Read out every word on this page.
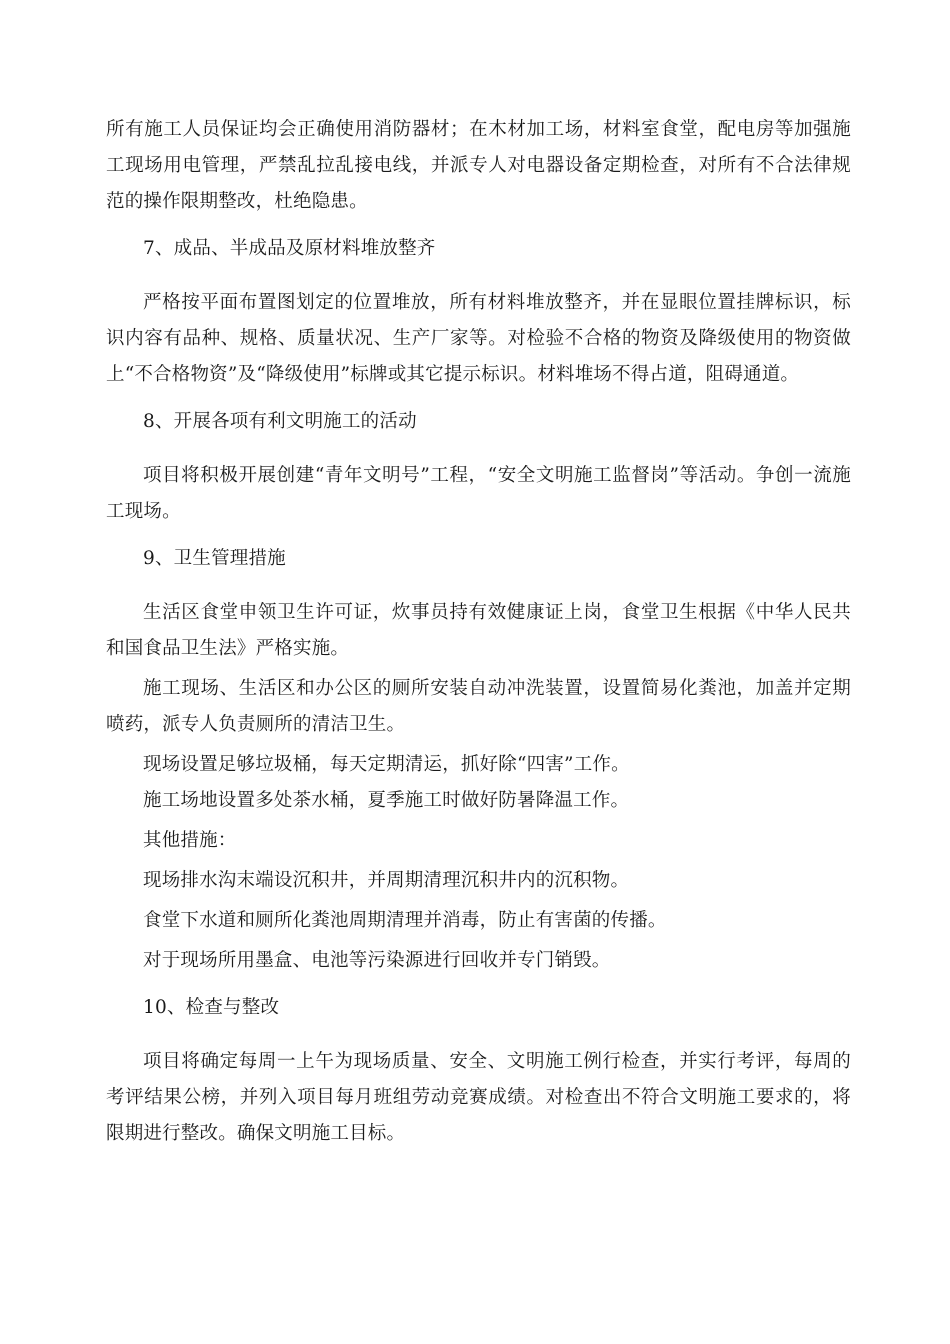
所有施工人员保证均会正确使用消防器材；在木材加工场，材料室食堂，配电房等加强施工现场用电管理，严禁乱拉乱接电线，并派专人对电器设备定期检查，对所有不合法律规范的操作限期整改，杜绝隐患。

7、成品、半成品及原材料堆放整齐

严格按平面布置图划定的位置堆放，所有材料堆放整齐，并在显眼位置挂牌标识，标识内容有品种、规格、质量状况、生产厂家等。对检验不合格的物资及降级使用的物资做上“不合格物资”及“降级使用”标牌或其它提示标识。材料堆场不得占道，阻碍通道。

8、开展各项有利文明施工的活动

项目将积极开展创建“青年文明号”工程，“安全文明施工监督岗”等活动。争创一流施工现场。

9、卫生管理措施

生活区食堂申领卫生许可证，炊事员持有效健康证上岗，食堂卫生根据《中华人民共和国食品卫生法》严格实施。

施工现场、生活区和办公区的厕所安装自动冲洗装置，设置简易化粪池，加盖并定期喷药，派专人负责厕所的清洁卫生。

现场设置足够垃圾桶，每天定期清运，抓好除“四害”工作。

施工场地设置多处茶水桶，夏季施工时做好防暑降温工作。

其他措施：

现场排水沟末端设沉积井，并周期清理沉积井内的沉积物。

食堂下水道和厕所化粪池周期清理并消毒，防止有害菌的传播。

对于现场所用墨盒、电池等污染源进行回收并专门销毁。

10、检查与整改

项目将确定每周一上午为现场质量、安全、文明施工例行检查，并实行考评，每周的考评结果公榜，并列入项目每月班组劳动竞赛成绩。对检查出不符合文明施工要求的，将限期进行整改。确保文明施工目标。
